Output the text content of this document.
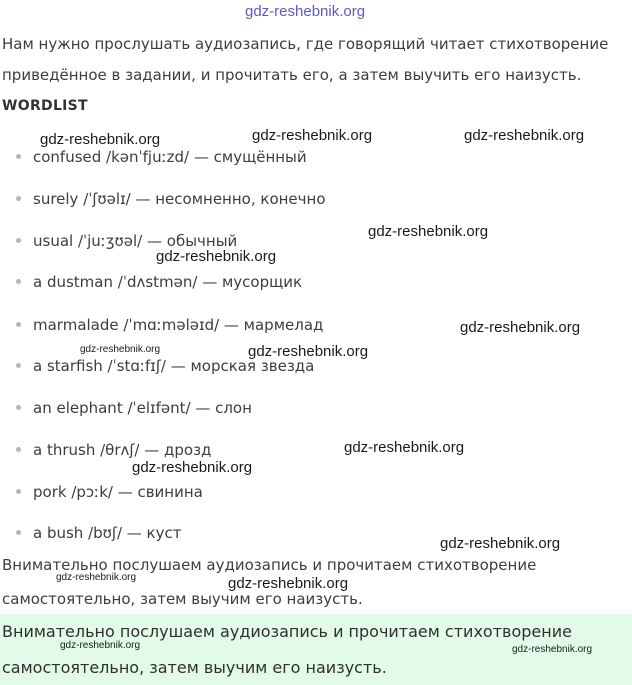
gdz-reshebnik.org
Нам нужно прослушать аудиозапись, где говорящий читает стихотворение
приведённое в задании, и прочитать его, а затем выучить его наизусть.
WORDLIST
confused /kənˈfjuːzd/ — смущённый
surely /ˈʃʊəlɪ/ — несомненно, конечно
usual /ˈjuːʒʊəl/ — обычный
a dustman /ˈdʌstmən/ — мусорщик
marmalade /ˈmɑːmələɪd/ — мармелад
a starfish /ˈstɑːfɪʃ/ — морская звезда
an elephant /ˈelɪfənt/ — слон
a thrush /θrʌʃ/ — дрозд
pork /pɔːk/ — свинина
a bush /bʊʃ/ — куст
Внимательно послушаем аудиозапись и прочитаем стихотворение
самостоятельно, затем выучим его наизусть.
Внимательно послушаем аудиозапись и прочитаем стихотворение
самостоятельно, затем выучим его наизусть.
gdz-reshebnik.org	gdz-reshebnik.org	gdz-reshebnik.org
gdz-reshebnik.org
gdz-reshebnik.org
gdz-reshebnik.org
gdz-reshebnik.org	gdz-reshebnik.org
gdz-reshebnik.org
gdz-reshebnik.org
gdz-reshebnik.org
gdz-reshebnik.org	gdz-reshebnik.org
gdz-reshebnik.org	gdz-reshebnik.org
